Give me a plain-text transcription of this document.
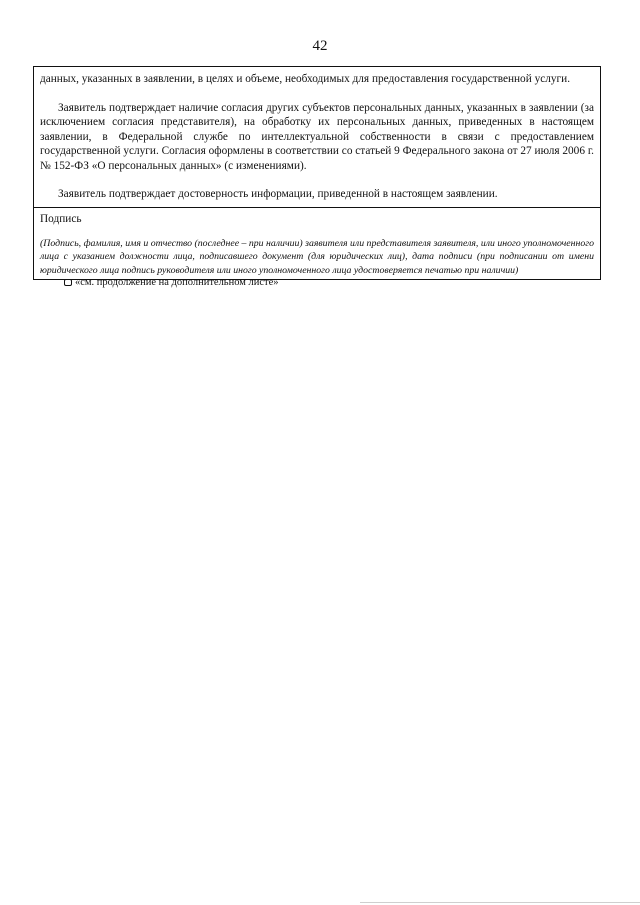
42

данных, указанных в заявлении, в целях и объеме, необходимых для предоставления государственной услуги.

Заявитель подтверждает наличие согласия других субъектов персональных данных, указанных в заявлении (за исключением согласия представителя), на обработку их персональных данных, приведенных в настоящем заявлении, в Федеральной службе по интеллектуальной собственности в связи с предоставлением государственной услуги. Согласия оформлены в соответствии со статьей 9 Федерального закона от 27 июля 2006 г. № 152-ФЗ «О персональных данных» (с изменениями).

Заявитель подтверждает достоверность информации, приведенной в настоящем заявлении.

Подпись

(Подпись, фамилия, имя и отчество (последнее – при наличии) заявителя или представителя заявителя, или иного уполномоченного лица с указанием должности лица, подписавшего документ (для юридических лиц), дата подписи (при подписании от имени юридического лица подпись руководителя или иного уполномоченного лица удостоверяется печатью при наличии)

«см. продолжение на дополнительном листе»
